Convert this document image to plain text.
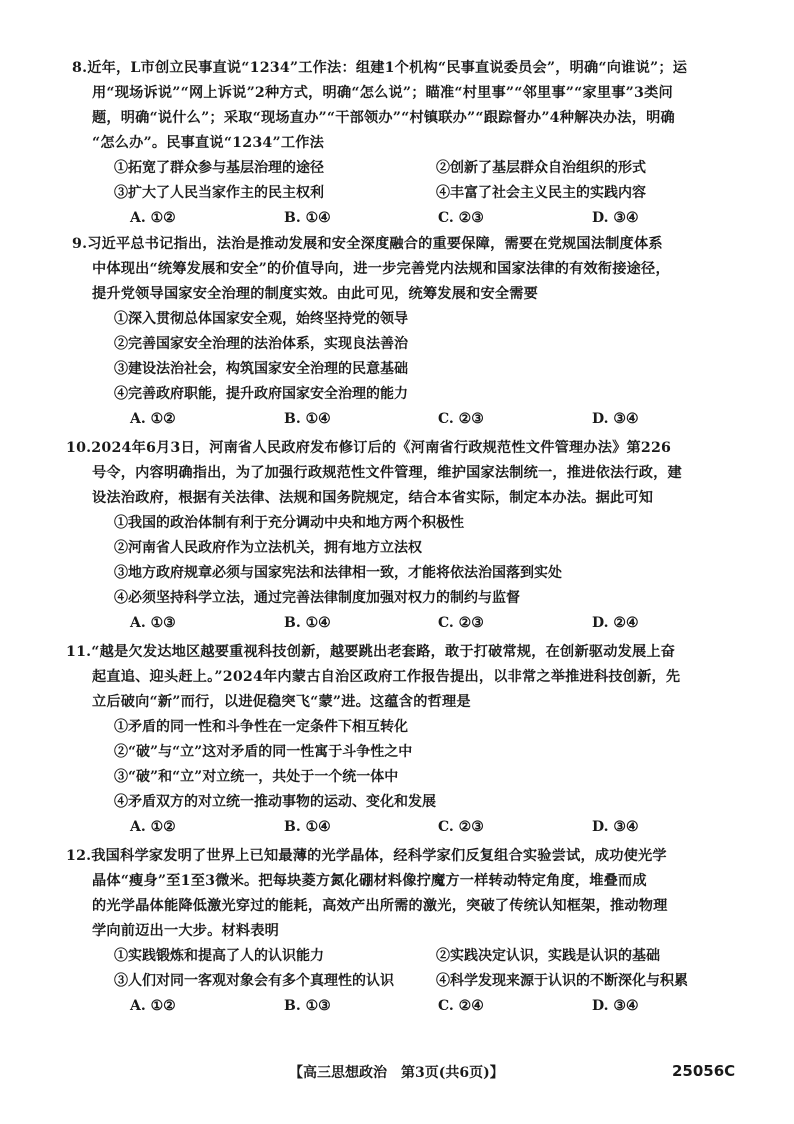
8.近年，L市创立民事直说“1234”工作法：组建1个机构“民事直说委员会”，明确“向谁说”；运
用“现场诉说”“网上诉说”2种方式，明确“怎么说”；瞄准“村里事”“邻里事”“家里事”3类问
题，明确“说什么”；采取“现场直办”“干部领办”“村镇联办”“跟踪督办”4种解决办法，明确
“怎么办”。民事直说“1234”工作法
①拓宽了群众参与基层治理的途径	②创新了基层群众自治组织的形式
③扩大了人民当家作主的民主权利	④丰富了社会主义民主的实践内容
A. ①②	B. ①④	C. ②③	D. ③④
9.习近平总书记指出，法治是推动发展和安全深度融合的重要保障，需要在党规国法制度体系
中体现出“统筹发展和安全”的价值导向，进一步完善党内法规和国家法律的有效衔接途径，
提升党领导国家安全治理的制度实效。由此可见，统筹发展和安全需要
①深入贯彻总体国家安全观，始终坚持党的领导
②完善国家安全治理的法治体系，实现良法善治
③建设法治社会，构筑国家安全治理的民意基础
④完善政府职能，提升政府国家安全治理的能力
A. ①②	B. ①④	C. ②③	D. ③④
10.2024年6月3日，河南省人民政府发布修订后的《河南省行政规范性文件管理办法》第226
号令，内容明确指出，为了加强行政规范性文件管理，维护国家法制统一，推进依法行政，建
设法治政府，根据有关法律、法规和国务院规定，结合本省实际，制定本办法。据此可知
①我国的政治体制有利于充分调动中央和地方两个积极性
②河南省人民政府作为立法机关，拥有地方立法权
③地方政府规章必须与国家宪法和法律相一致，才能将依法治国落到实处
④必须坚持科学立法，通过完善法律制度加强对权力的制约与监督
A. ①③	B. ①④	C. ②③	D. ②④
11.“越是欠发达地区越要重视科技创新，越要跳出老套路，敢于打破常规，在创新驱动发展上奋
起直追、迎头赶上。”2024年内蒙古自治区政府工作报告提出，以非常之举推进科技创新，先
立后破向“新”而行，以进促稳突飞“蒙”进。这蕴含的哲理是
①矛盾的同一性和斗争性在一定条件下相互转化
②“破”与“立”这对矛盾的同一性寓于斗争性之中
③“破”和“立”对立统一，共处于一个统一体中
④矛盾双方的对立统一推动事物的运动、变化和发展
A. ①②	B. ①④	C. ②③	D. ③④
12.我国科学家发明了世界上已知最薄的光学晶体，经科学家们反复组合实验尝试，成功使光学
晶体“瘦身”至1至3微米。把每块菱方氮化硼材料像拧魔方一样转动特定角度，堆叠而成
的光学晶体能降低激光穿过的能耗，高效产出所需的激光，突破了传统认知框架，推动物理
学向前迈出一大步。材料表明
①实践锻炼和提高了人的认识能力	②实践决定认识，实践是认识的基础
③人们对同一客观对象会有多个真理性的认识	④科学发现来源于认识的不断深化与积累
A. ①②	B. ①③	C. ②④	D. ③④
【高三思想政治　第3页(共6页)】	25056C
